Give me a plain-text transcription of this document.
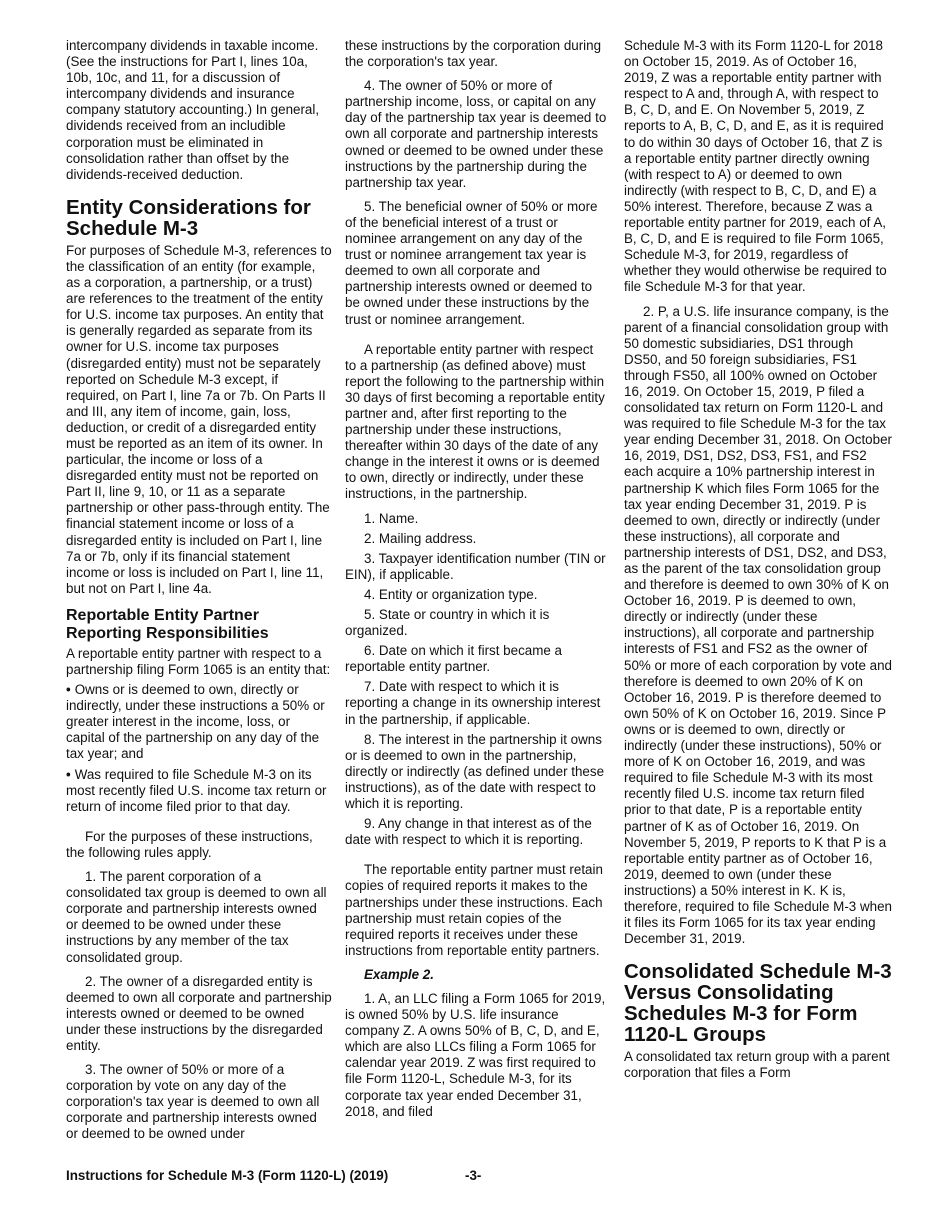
intercompany dividends in taxable income. (See the instructions for Part I, lines 10a, 10b, 10c, and 11, for a discussion of intercompany dividends and insurance company statutory accounting.) In general, dividends received from an includible corporation must be eliminated in consolidation rather than offset by the dividends-received deduction.

Entity Considerations for Schedule M-3

For purposes of Schedule M-3, references to the classification of an entity (for example, as a corporation, a partnership, or a trust) are references to the treatment of the entity for U.S. income tax purposes. An entity that is generally regarded as separate from its owner for U.S. income tax purposes (disregarded entity) must not be separately reported on Schedule M-3 except, if required, on Part I, line 7a or 7b. On Parts II and III, any item of income, gain, loss, deduction, or credit of a disregarded entity must be reported as an item of its owner. In particular, the income or loss of a disregarded entity must not be reported on Part II, line 9, 10, or 11 as a separate partnership or other pass-through entity. The financial statement income or loss of a disregarded entity is included on Part I, line 7a or 7b, only if its financial statement income or loss is included on Part I, line 11, but not on Part I, line 4a.

Reportable Entity Partner Reporting Responsibilities

A reportable entity partner with respect to a partnership filing Form 1065 is an entity that:

• Owns or is deemed to own, directly or indirectly, under these instructions a 50% or greater interest in the income, loss, or capital of the partnership on any day of the tax year; and
• Was required to file Schedule M-3 on its most recently filed U.S. income tax return or return of income filed prior to that day.

For the purposes of these instructions, the following rules apply.

1. The parent corporation of a consolidated tax group is deemed to own all corporate and partnership interests owned or deemed to be owned under these instructions by any member of the tax consolidated group.

2. The owner of a disregarded entity is deemed to own all corporate and partnership interests owned or deemed to be owned under these instructions by the disregarded entity.

3. The owner of 50% or more of a corporation by vote on any day of the corporation's tax year is deemed to own all corporate and partnership interests owned or deemed to be owned under

these instructions by the corporation during the corporation's tax year.

4. The owner of 50% or more of partnership income, loss, or capital on any day of the partnership tax year is deemed to own all corporate and partnership interests owned or deemed to be owned under these instructions by the partnership during the partnership tax year.

5. The beneficial owner of 50% or more of the beneficial interest of a trust or nominee arrangement on any day of the trust or nominee arrangement tax year is deemed to own all corporate and partnership interests owned or deemed to be owned under these instructions by the trust or nominee arrangement.

A reportable entity partner with respect to a partnership (as defined above) must report the following to the partnership within 30 days of first becoming a reportable entity partner and, after first reporting to the partnership under these instructions, thereafter within 30 days of the date of any change in the interest it owns or is deemed to own, directly or indirectly, under these instructions, in the partnership.

1. Name.

2. Mailing address.

3. Taxpayer identification number (TIN or EIN), if applicable.

4. Entity or organization type.

5. State or country in which it is organized.

6. Date on which it first became a reportable entity partner.

7. Date with respect to which it is reporting a change in its ownership interest in the partnership, if applicable.

8. The interest in the partnership it owns or is deemed to own in the partnership, directly or indirectly (as defined under these instructions), as of the date with respect to which it is reporting.

9. Any change in that interest as of the date with respect to which it is reporting.

The reportable entity partner must retain copies of required reports it makes to the partnerships under these instructions. Each partnership must retain copies of the required reports it receives under these instructions from reportable entity partners.

Example 2.

1. A, an LLC filing a Form 1065 for 2019, is owned 50% by U.S. life insurance company Z. A owns 50% of B, C, D, and E, which are also LLCs filing a Form 1065 for calendar year 2019. Z was first required to file Form 1120-L, Schedule M-3, for its corporate tax year ended December 31, 2018, and filed

Schedule M-3 with its Form 1120-L for 2018 on October 15, 2019. As of October 16, 2019, Z was a reportable entity partner with respect to A and, through A, with respect to B, C, D, and E. On November 5, 2019, Z reports to A, B, C, D, and E, as it is required to do within 30 days of October 16, that Z is a reportable entity partner directly owning (with respect to A) or deemed to own indirectly (with respect to B, C, D, and E) a 50% interest. Therefore, because Z was a reportable entity partner for 2019, each of A, B, C, D, and E is required to file Form 1065, Schedule M-3, for 2019, regardless of whether they would otherwise be required to file Schedule M-3 for that year.

2. P, a U.S. life insurance company, is the parent of a financial consolidation group with 50 domestic subsidiaries, DS1 through DS50, and 50 foreign subsidiaries, FS1 through FS50, all 100% owned on October 16, 2019. On October 15, 2019, P filed a consolidated tax return on Form 1120-L and was required to file Schedule M-3 for the tax year ending December 31, 2018. On October 16, 2019, DS1, DS2, DS3, FS1, and FS2 each acquire a 10% partnership interest in partnership K which files Form 1065 for the tax year ending December 31, 2019. P is deemed to own, directly or indirectly (under these instructions), all corporate and partnership interests of DS1, DS2, and DS3, as the parent of the tax consolidation group and therefore is deemed to own 30% of K on October 16, 2019. P is deemed to own, directly or indirectly (under these instructions), all corporate and partnership interests of FS1 and FS2 as the owner of 50% or more of each corporation by vote and therefore is deemed to own 20% of K on October 16, 2019. P is therefore deemed to own 50% of K on October 16, 2019. Since P owns or is deemed to own, directly or indirectly (under these instructions), 50% or more of K on October 16, 2019, and was required to file Schedule M-3 with its most recently filed U.S. income tax return filed prior to that date, P is a reportable entity partner of K as of October 16, 2019. On November 5, 2019, P reports to K that P is a reportable entity partner as of October 16, 2019, deemed to own (under these instructions) a 50% interest in K. K is, therefore, required to file Schedule M-3 when it files its Form 1065 for its tax year ending December 31, 2019.

Consolidated Schedule M-3 Versus Consolidating Schedules M-3 for Form 1120-L Groups

A consolidated tax return group with a parent corporation that files a Form

Instructions for Schedule M-3 (Form 1120-L) (2019)	-3-
